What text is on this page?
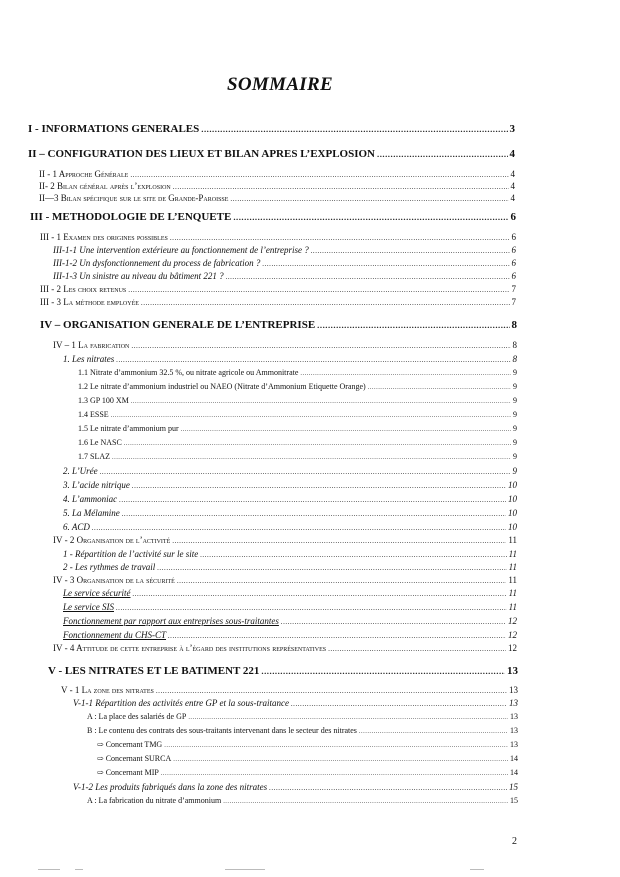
SOMMAIRE
I - INFORMATIONS GENERALES .....	3
II – CONFIGURATION DES LIEUX ET BILAN APRES L’EXPLOSION .....	4
II - 1 Approche Générale .....	4
II- 2 Bilan général après l’explosion .....	4
II—3 Bilan spécifique sur le site de Grande-Paroisse .....	4
III - METHODOLOGIE DE L’ENQUETE .....	6
III - 1 Examen des origines possibles .....	6
III-1-1 Une intervention extérieure au fonctionnement de l’entreprise ? .....	6
III-1-2 Un dysfonctionnement du process de fabrication ? .....	6
III-1-3 Un sinistre au niveau du bâtiment 221 ? .....	6
III - 2 Les choix retenus .....	7
III - 3 La méthode employée .....	7
IV – ORGANISATION GENERALE DE L’ENTREPRISE .....	8
IV – 1 La fabrication .....	8
1. Les nitrates .....	8
1.1 Nitrate d’ammonium 32.5 %, ou nitrate agricole ou Ammonitrate .....	9
1.2 Le nitrate d’ammonium industriel ou NAEO (Nitrate d’Ammonium Etiquette Orange) .....	9
1.3 GP 100 XM .....	9
1.4 ESSE .....	9
1.5 Le nitrate d’ammonium pur .....	9
1.6 Le NASC .....	9
1.7 SLAZ .....	9
2. L’Urée .....	9
3. L’acide nitrique .....	10
4. L’ammoniac .....	10
5. La Mélamine .....	10
6. ACD .....	10
IV - 2 Organisation de l’activité .....	11
1 - Répartition de l’activité sur le site .....	11
2 - Les rythmes de travail .....	11
IV - 3 Organisation de la sécurité .....	11
Le service sécurité .....	11
Le service SIS .....	11
Fonctionnement par rapport aux entreprises sous-traitantes .....	12
Fonctionnement du CHS-CT .....	12
IV - 4 Attitude de cette entreprise à l’égard des institutions représentatives .....	12
V - LES NITRATES ET LE BATIMENT 221 .....	13
V - 1 La zone des nitrates .....	13
V-1-1 Répartition des activités entre GP et la sous-traitance .....	13
A : La place des salariés de GP .....	13
B : Le contenu des contrats des sous-traitants intervenant dans le secteur des nitrates .....	13
⇨ Concernant TMG .....	13
⇨ Concernant SURCA .....	14
⇨ Concernant MIP .....	14
V-1-2 Les produits fabriqués dans la zone des nitrates .....	15
A : La fabrication du nitrate d’ammonium .....	15
2
